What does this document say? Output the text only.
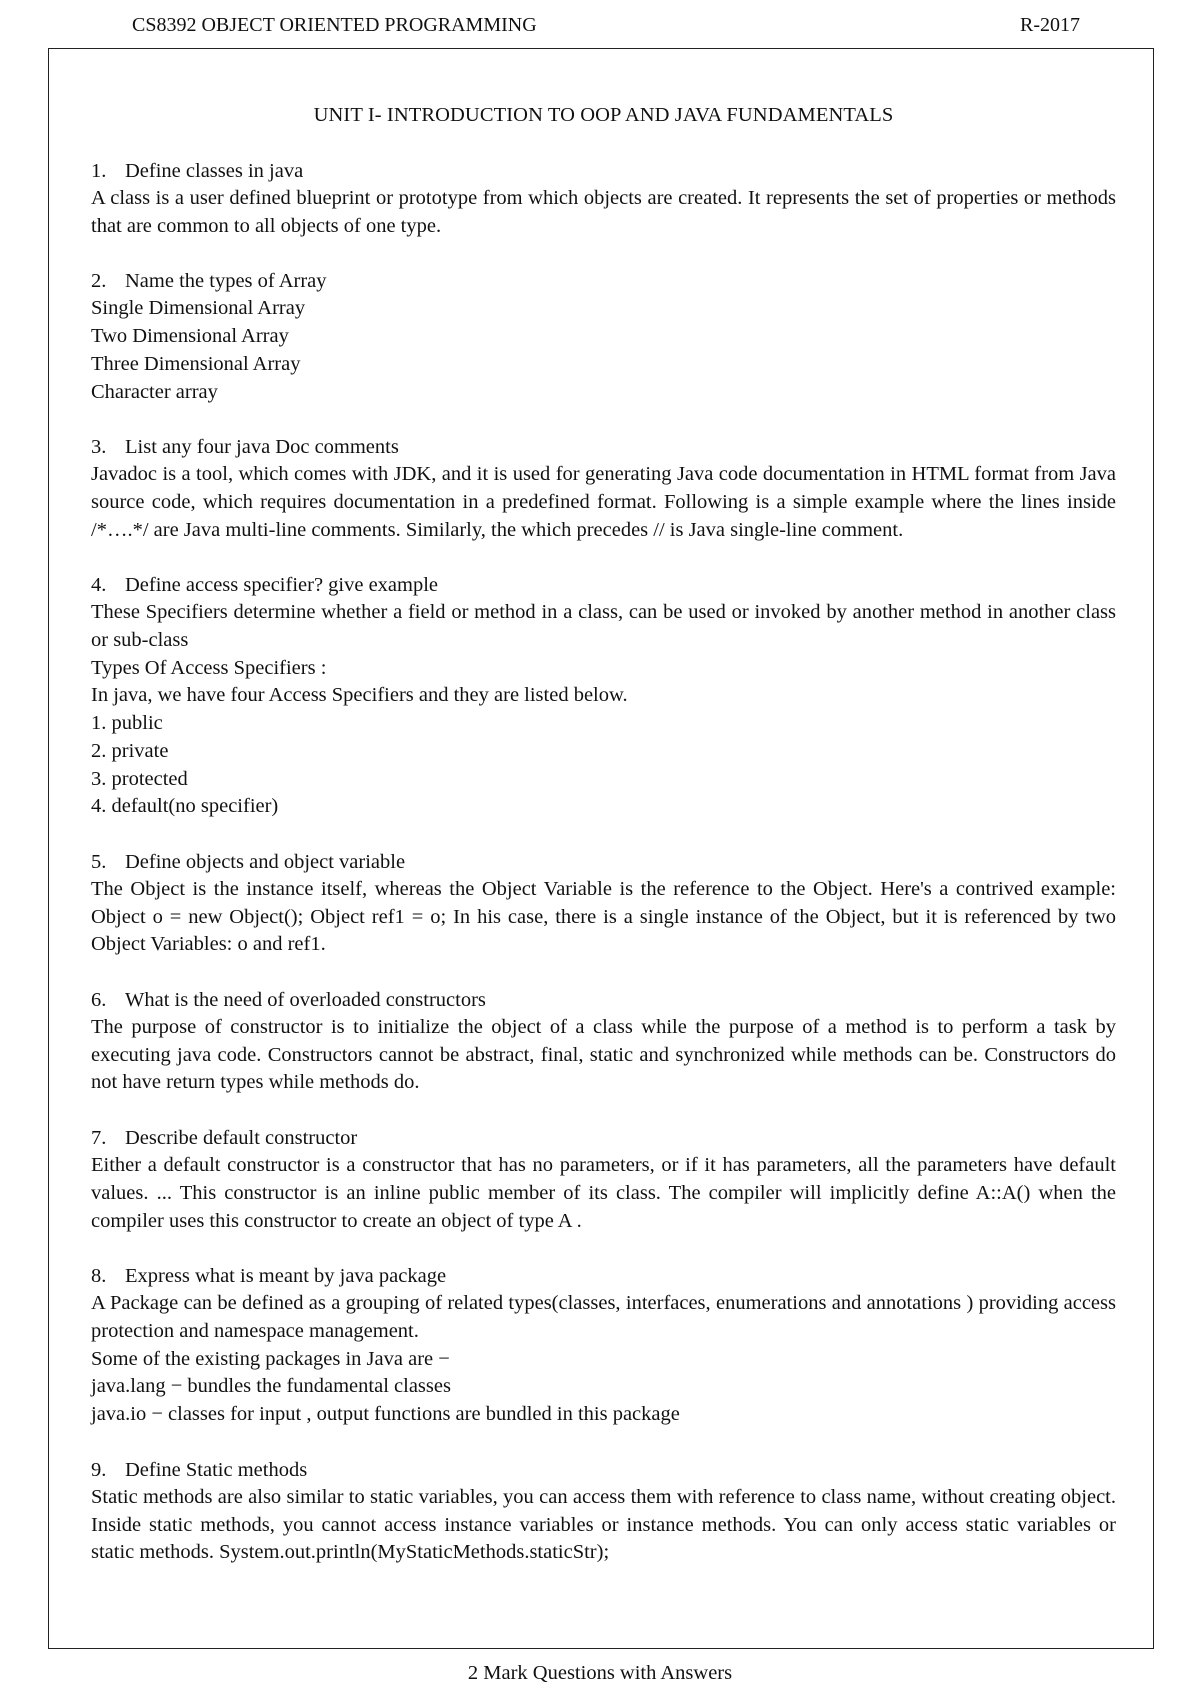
CS8392 OBJECT ORIENTED PROGRAMMING	R-2017
UNIT I- INTRODUCTION TO OOP AND JAVA FUNDAMENTALS

1. Define classes in java

A class is a user defined blueprint or prototype from which objects are created. It represents the set of properties or methods that are common to all objects of one type.

2. Name the types of Array

Single Dimensional Array

Two Dimensional Array

Three Dimensional Array

Character array

3. List any four java Doc comments

Javadoc is a tool, which comes with JDK, and it is used for generating Java code documentation in HTML format from Java source code, which requires documentation in a predefined format. Following is a simple example where the lines inside /*….*/ are Java multi-line comments. Similarly, the which precedes // is Java single-line comment.

4. Define access specifier? give example

These Specifiers determine whether a field or method in a class, can be used or invoked by another method in another class or sub-class

Types Of Access Specifiers :

In java, we have four Access Specifiers and they are listed below.

1. public

2. private

3. protected

4. default(no specifier)

5. Define objects and object variable

The Object is the instance itself, whereas the Object Variable is the reference to the Object. Here's a contrived example: Object o = new Object(); Object ref1 = o; In his case, there is a single instance of the Object, but it is referenced by two Object Variables: o and ref1.

6. What is the need of overloaded constructors

The purpose of constructor is to initialize the object of a class while the purpose of a method is to perform a task by executing java code. Constructors cannot be abstract, final, static and synchronized while methods can be. Constructors do not have return types while methods do.

7. Describe default constructor

Either a default constructor is a constructor that has no parameters, or if it has parameters, all the parameters have default values. ... This constructor is an inline public member of its class. The compiler will implicitly define A::A() when the compiler uses this constructor to create an object of type A .

8. Express what is meant by java package

A Package can be defined as a grouping of related types(classes, interfaces, enumerations and annotations ) providing access protection and namespace management.

Some of the existing packages in Java are −

java.lang − bundles the fundamental classes

java.io − classes for input , output functions are bundled in this package

9. Define Static methods

Static methods are also similar to static variables, you can access them with reference to class name, without creating object. Inside static methods, you cannot access instance variables or instance methods. You can only access static variables or static methods. System.out.println(MyStaticMethods.staticStr);

2 Mark Questions with Answers
